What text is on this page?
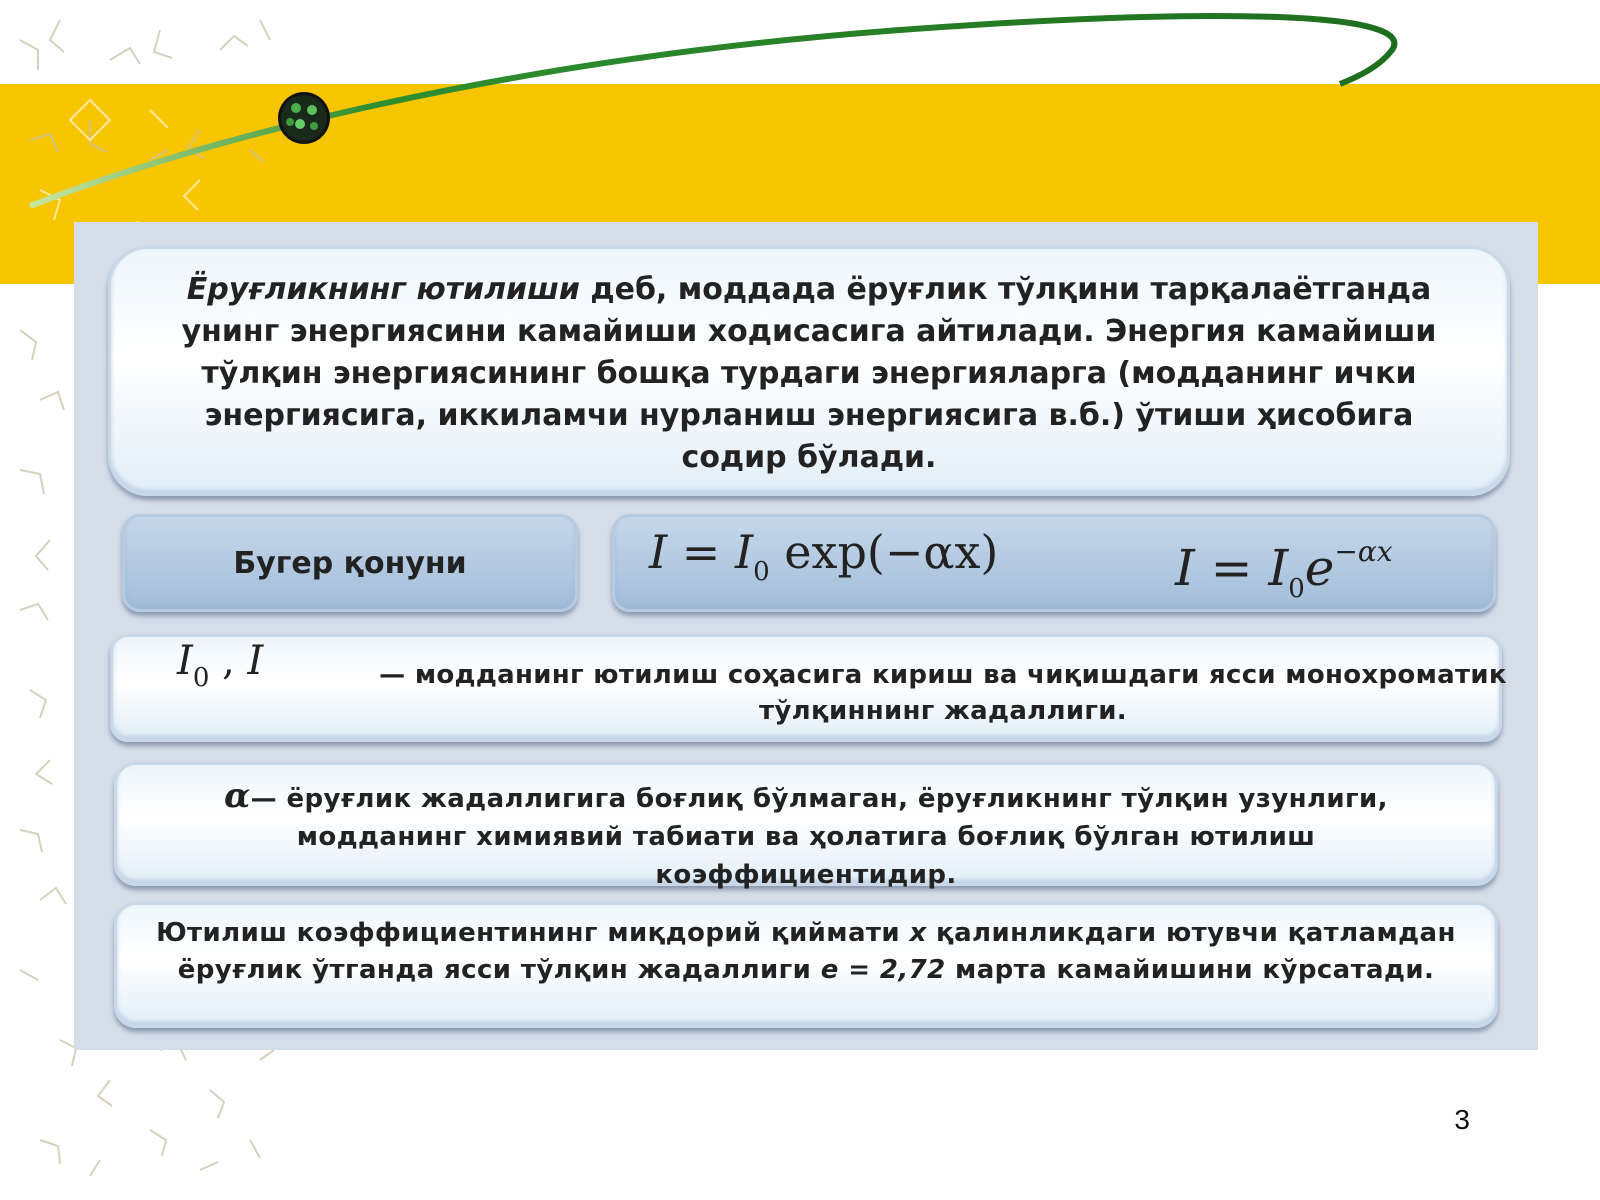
Ёруғликнинг ютилиши деб, моддада ёруғлик тўлқини тарқалаётганда унинг энергиясини камайиши ходисасига айтилади. Энергия камайиши тўлқин энергиясининг бошқа турдаги энергияларга (модданинг ички энергиясига, иккиламчи нурланиш энергиясига в.б.) ўтиши ҳисобига содир бўлади.
Бугер қонуни	$I = I_0$ exp(−αx)	$I = I_0e^{-\alpha x}$
$I_0$ , I	— модданинг ютилиш соҳасига кириш ва чиқишдаги ясси монохроматик тўлқиннинг жадаллиги.
α— ёруғлик жадаллигига боғлиқ бўлмаган, ёруғликнинг тўлқин узунлиги, модданинг химиявий табиати ва ҳолатига боғлиқ бўлган ютилиш коэффициентидир.
Ютилиш коэффициентининг миқдорий қиймати x қалинликдаги ютувчи қатламдан ёруғлик ўтганда ясси тўлқин жадаллиги e = 2,72 марта камайишини кўрсатади.
3
